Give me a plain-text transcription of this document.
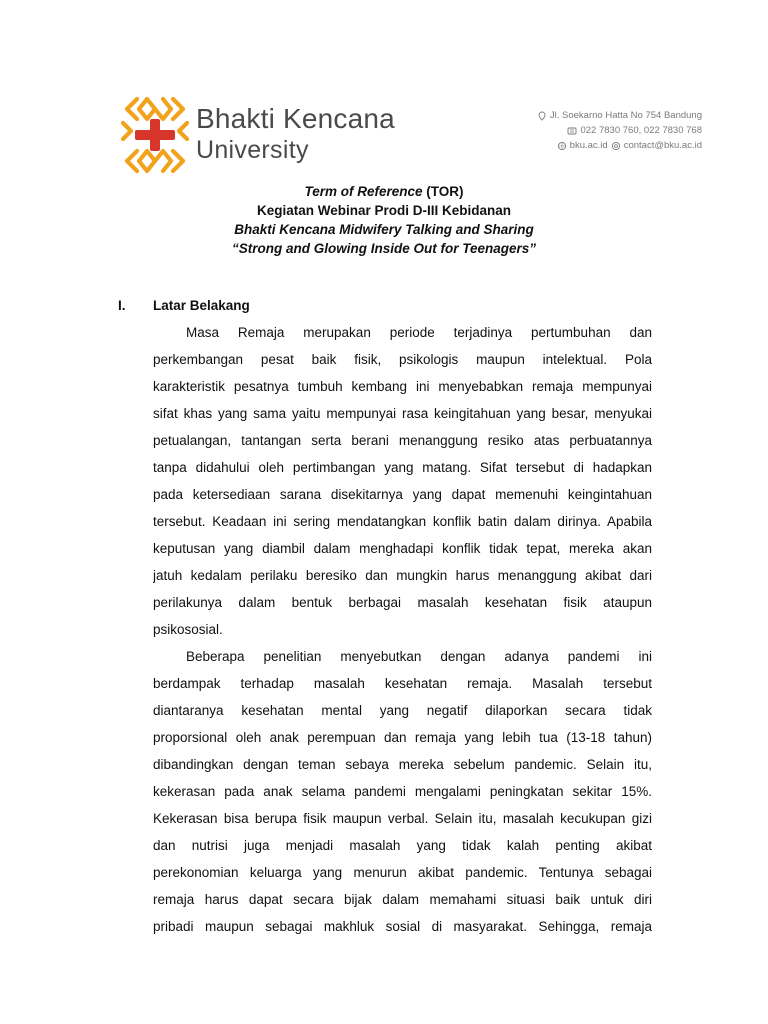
Bhakti Kencana
University
Jl. Soekarno Hatta No 754 Bandung
022 7830 760, 022 7830 768
bku.ac.id contact@bku.ac.id
Term of Reference (TOR)
Kegiatan Webinar Prodi D-III Kebidanan
Bhakti Kencana Midwifery Talking and Sharing
“Strong and Glowing Inside Out for Teenagers”
I. Latar Belakang
Masa Remaja merupakan periode terjadinya pertumbuhan dan
perkembangan pesat baik fisik, psikologis maupun intelektual. Pola
karakteristik pesatnya tumbuh kembang ini menyebabkan remaja mempunyai
sifat khas yang sama yaitu mempunyai rasa keingitahuan yang besar, menyukai
petualangan, tantangan serta berani menanggung resiko atas perbuatannya
tanpa didahului oleh pertimbangan yang matang. Sifat tersebut di hadapkan
pada ketersediaan sarana disekitarnya yang dapat memenuhi keingintahuan
tersebut. Keadaan ini sering mendatangkan konflik batin dalam dirinya. Apabila
keputusan yang diambil dalam menghadapi konflik tidak tepat, mereka akan
jatuh kedalam perilaku beresiko dan mungkin harus menanggung akibat dari
perilakunya dalam bentuk berbagai masalah kesehatan fisik ataupun
psikososial.
Beberapa penelitian menyebutkan dengan adanya pandemi ini
berdampak terhadap masalah kesehatan remaja. Masalah tersebut
diantaranya kesehatan mental yang negatif dilaporkan secara tidak
proporsional oleh anak perempuan dan remaja yang lebih tua (13-18 tahun)
dibandingkan dengan teman sebaya mereka sebelum pandemic. Selain itu,
kekerasan pada anak selama pandemi mengalami peningkatan sekitar 15%.
Kekerasan bisa berupa fisik maupun verbal. Selain itu, masalah kecukupan gizi
dan nutrisi juga menjadi masalah yang tidak kalah penting akibat
perekonomian keluarga yang menurun akibat pandemic. Tentunya sebagai
remaja harus dapat secara bijak dalam memahami situasi baik untuk diri
pribadi maupun sebagai makhluk sosial di masyarakat. Sehingga, remaja
